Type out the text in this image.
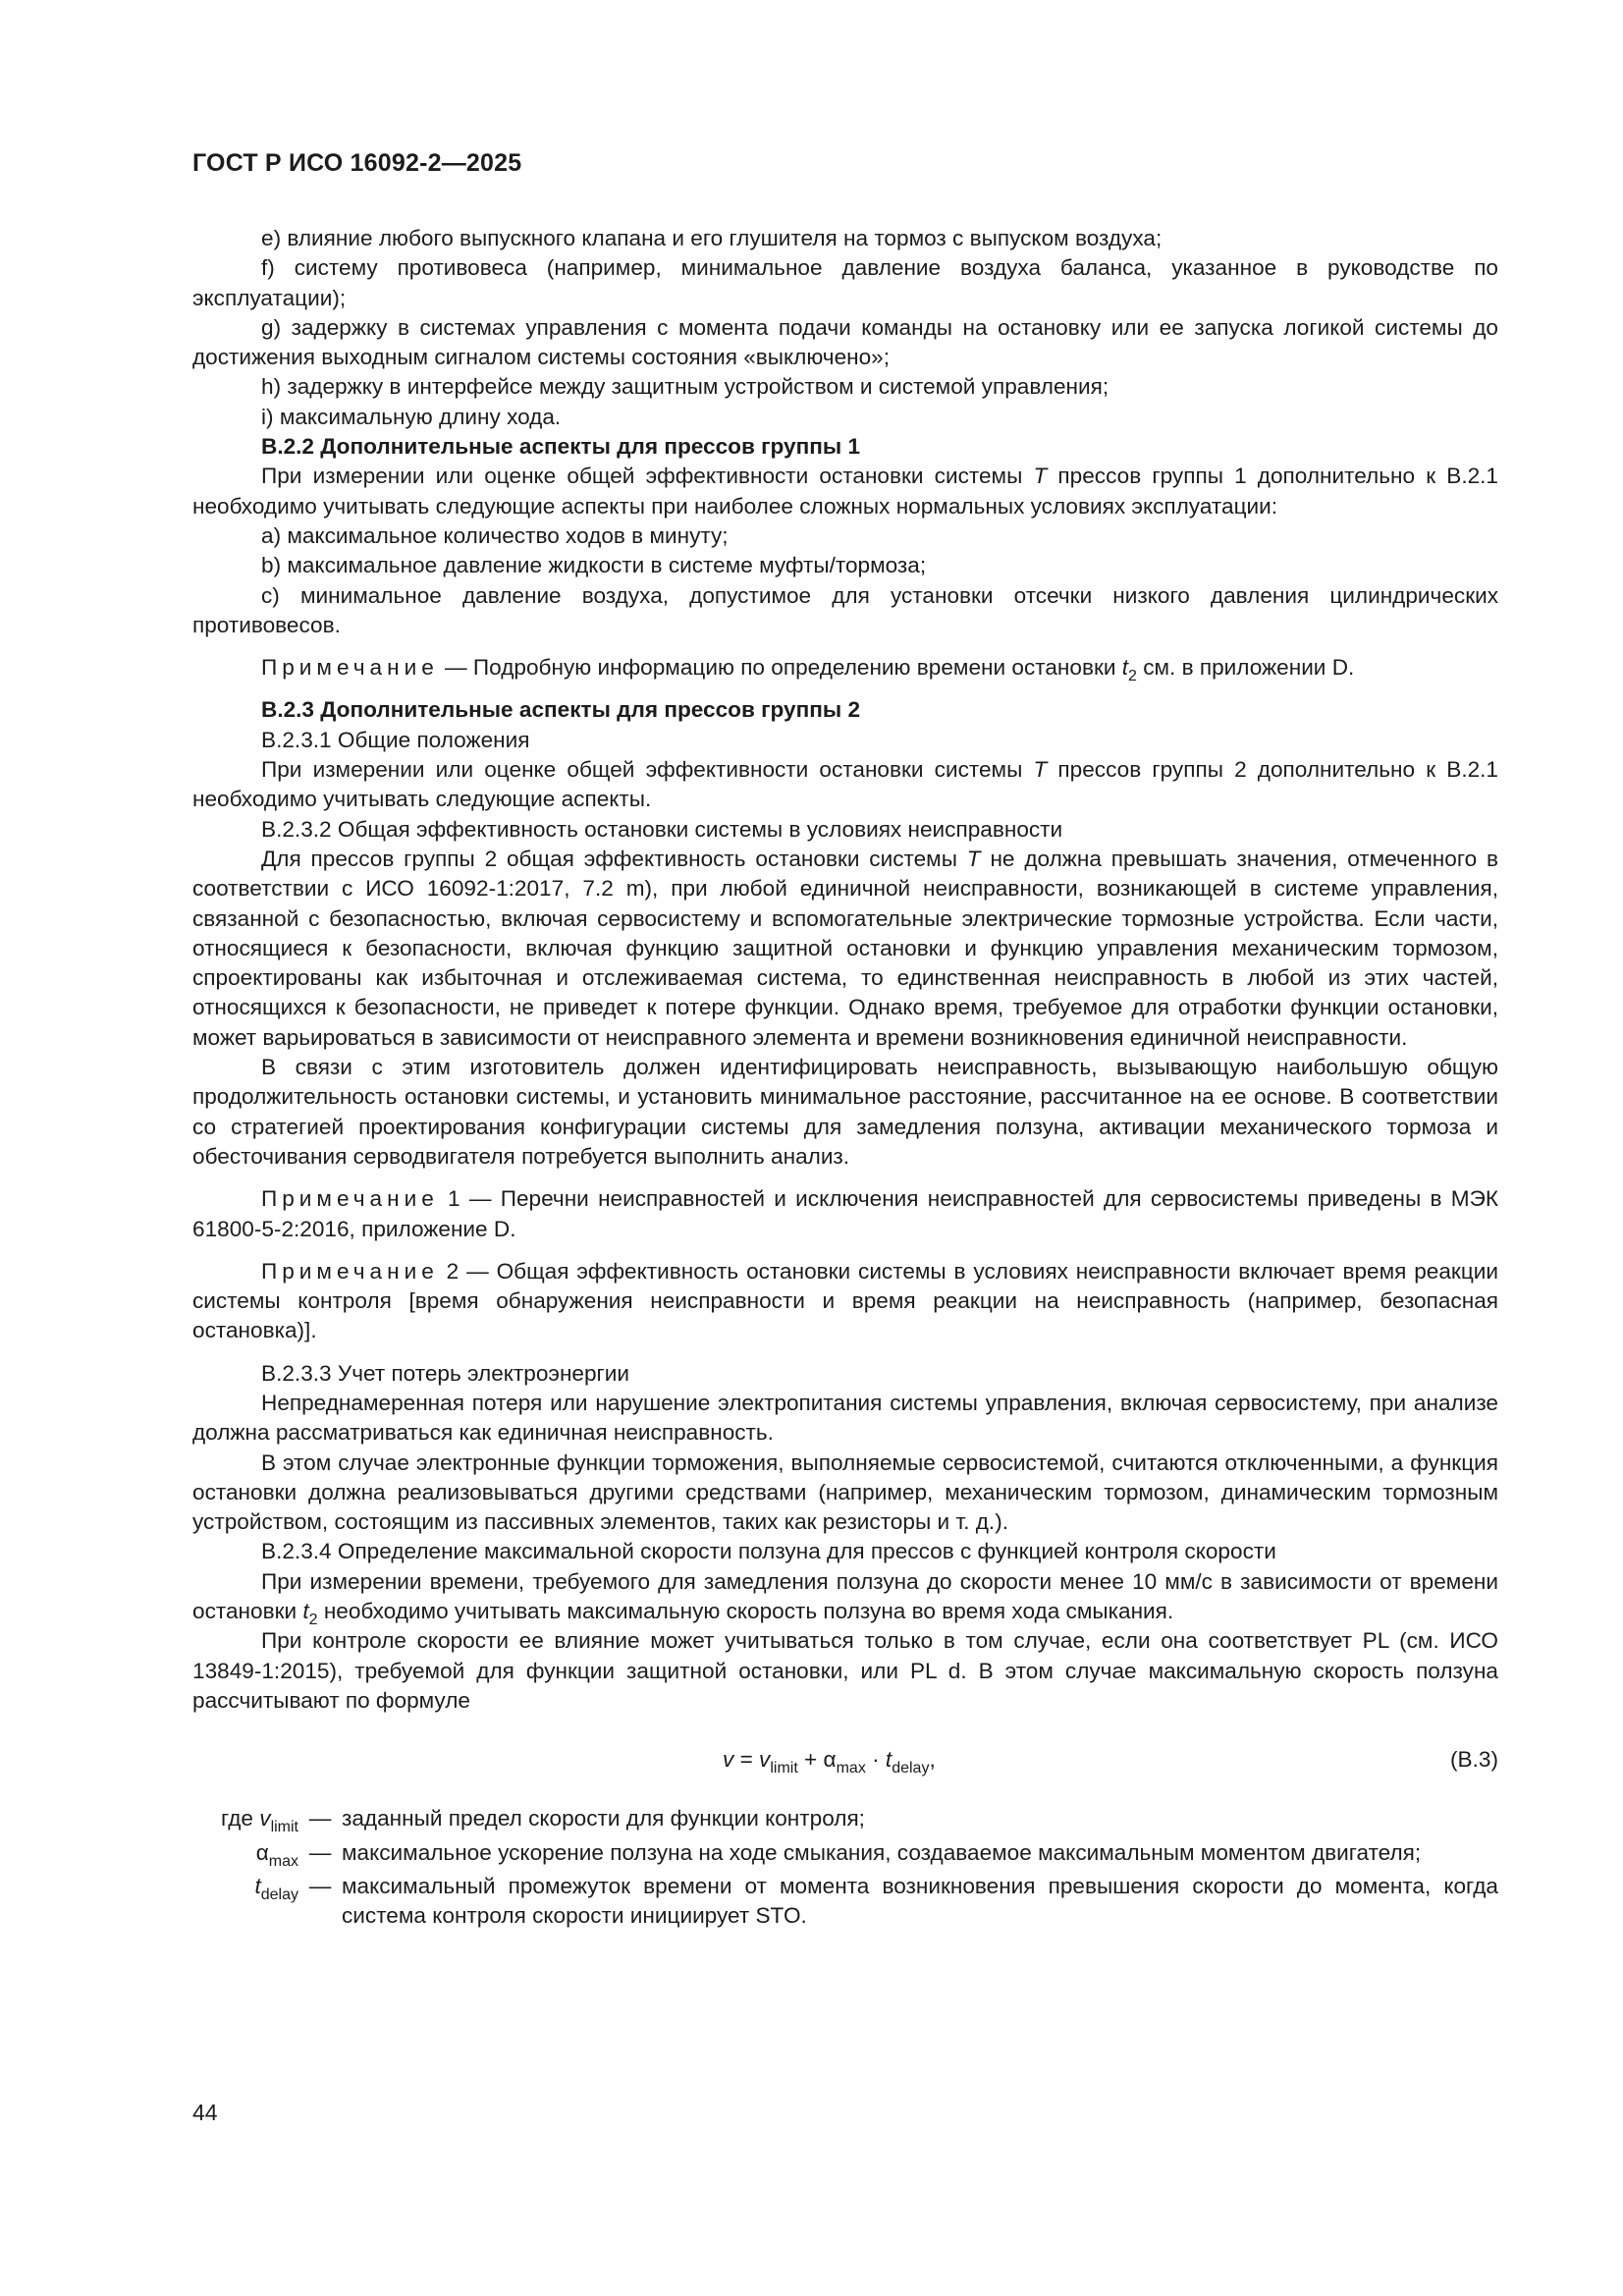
ГОСТ Р ИСО 16092-2—2025

e) влияние любого выпускного клапана и его глушителя на тормоз с выпуском воздуха;

f) систему противовеса (например, минимальное давление воздуха баланса, указанное в руководстве по эксплуатации);

g) задержку в системах управления с момента подачи команды на остановку или ее запуска логикой системы до достижения выходным сигналом системы состояния «выключено»;

h) задержку в интерфейсе между защитным устройством и системой управления;

i) максимальную длину хода.

В.2.2 Дополнительные аспекты для прессов группы 1

При измерении или оценке общей эффективности остановки системы T прессов группы 1 дополнительно к В.2.1 необходимо учитывать следующие аспекты при наиболее сложных нормальных условиях эксплуатации:

a) максимальное количество ходов в минуту;

b) максимальное давление жидкости в системе муфты/тормоза;

c) минимальное давление воздуха, допустимое для установки отсечки низкого давления цилиндрических противовесов.

Примечание — Подробную информацию по определению времени остановки $t_2$ см. в приложении D.

В.2.3 Дополнительные аспекты для прессов группы 2

В.2.3.1 Общие положения

При измерении или оценке общей эффективности остановки системы T прессов группы 2 дополнительно к В.2.1 необходимо учитывать следующие аспекты.

В.2.3.2 Общая эффективность остановки системы в условиях неисправности

Для прессов группы 2 общая эффективность остановки системы T не должна превышать значения, отмеченного в соответствии с ИСО 16092-1:2017, 7.2 m), при любой единичной неисправности, возникающей в системе управления, связанной с безопасностью, включая сервосистему и вспомогательные электрические тормозные устройства. Если части, относящиеся к безопасности, включая функцию защитной остановки и функцию управления механическим тормозом, спроектированы как избыточная и отслеживаемая система, то единственная неисправность в любой из этих частей, относящихся к безопасности, не приведет к потере функции. Однако время, требуемое для отработки функции остановки, может варьироваться в зависимости от неисправного элемента и времени возникновения единичной неисправности.

В связи с этим изготовитель должен идентифицировать неисправность, вызывающую наибольшую общую продолжительность остановки системы, и установить минимальное расстояние, рассчитанное на ее основе. В соответствии со стратегией проектирования конфигурации системы для замедления ползуна, активации механического тормоза и обесточивания серводвигателя потребуется выполнить анализ.

Примечание 1 — Перечни неисправностей и исключения неисправностей для сервосистемы приведены в МЭК 61800-5-2:2016, приложение D.

Примечание 2 — Общая эффективность остановки системы в условиях неисправности включает время реакции системы контроля [время обнаружения неисправности и время реакции на неисправность (например, безопасная остановка)].

В.2.3.3 Учет потерь электроэнергии

Непреднамеренная потеря или нарушение электропитания системы управления, включая сервосистему, при анализе должна рассматриваться как единичная неисправность.

В этом случае электронные функции торможения, выполняемые сервосистемой, считаются отключенными, а функция остановки должна реализовываться другими средствами (например, механическим тормозом, динамическим тормозным устройством, состоящим из пассивных элементов, таких как резисторы и т. д.).

В.2.3.4 Определение максимальной скорости ползуна для прессов с функцией контроля скорости

При измерении времени, требуемого для замедления ползуна до скорости менее 10 мм/с в зависимости от времени остановки $t_2$ необходимо учитывать максимальную скорость ползуна во время хода смыкания.

При контроле скорости ее влияние может учитываться только в том случае, если она соответствует PL (см. ИСО 13849-1:2015), требуемой для функции защитной остановки, или PL d. В этом случае максимальную скорость ползуна рассчитывают по формуле

$v = v_{limit} + \alpha_{max} \cdot t_{delay}$,	(B.3)
где $v_{limit}$ — заданный предел скорости для функции контроля;
$\alpha_{max}$ — максимальное ускорение ползуна на ходе смыкания, создаваемое максимальным моментом двигателя;
$t_{delay}$ — максимальный промежуток времени от момента возникновения превышения скорости до момента, когда система контроля скорости инициирует STO.
44
